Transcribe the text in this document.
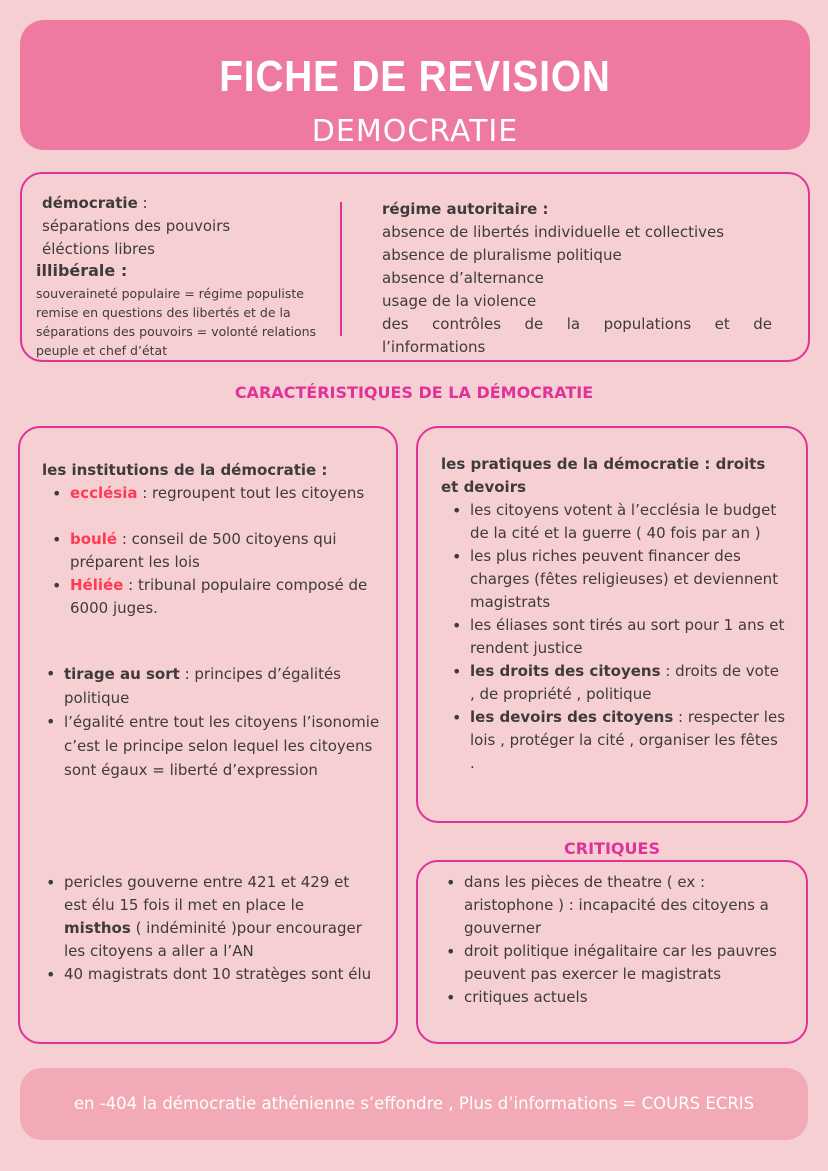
FICHE DE REVISION
DEMOCRATIE
démocratie :
séparations des pouvoirs
éléctions libres
illibérale :
souveraineté populaire = régime populiste
remise en questions des libertés et de la
séparations des pouvoirs = volonté relations
peuple et chef d’état
régime autoritaire :
absence de libertés individuelle et collectives
absence de pluralisme politique
absence d’alternance
usage de la violence
des contrôles de la populations et de
l’informations
CARACTÉRISTIQUES DE LA DÉMOCRATIE
les institutions de la démocratie :
• ecclésia : regroupent tout les citoyens
• boulé : conseil de 500 citoyens qui préparent les lois
• Héliée : tribunal populaire composé de 6000 juges.
• tirage au sort : principes d’égalités politique
• l’égalité entre tout les citoyens l’isonomie c’est le principe selon lequel les citoyens sont égaux = liberté d’expression
• pericles gouverne entre 421 et 429 et est élu 15 fois il met en place le misthos ( indéminité )pour encourager les citoyens a aller a l’AN
• 40 magistrats dont 10 stratèges sont élu
les pratiques de la démocratie : droits et devoirs
• les citoyens votent à l’ecclésia le budget de la cité et la guerre ( 40 fois par an )
• les plus riches peuvent financer des charges (fêtes religieuses) et deviennent magistrats
• les éliases sont tirés au sort pour 1 ans et rendent justice
• les droits des citoyens : droits de vote , de propriété , politique
• les devoirs des citoyens : respecter les lois , protéger la cité , organiser les fêtes .
CRITIQUES
• dans les pièces de theatre ( ex : aristophone ) : incapacité des citoyens a gouverner
• droit politique inégalitaire car les pauvres peuvent pas exercer le magistrats
• critiques actuels
en -404 la démocratie athénienne s’effondre , Plus d’informations = COURS ECRIS
